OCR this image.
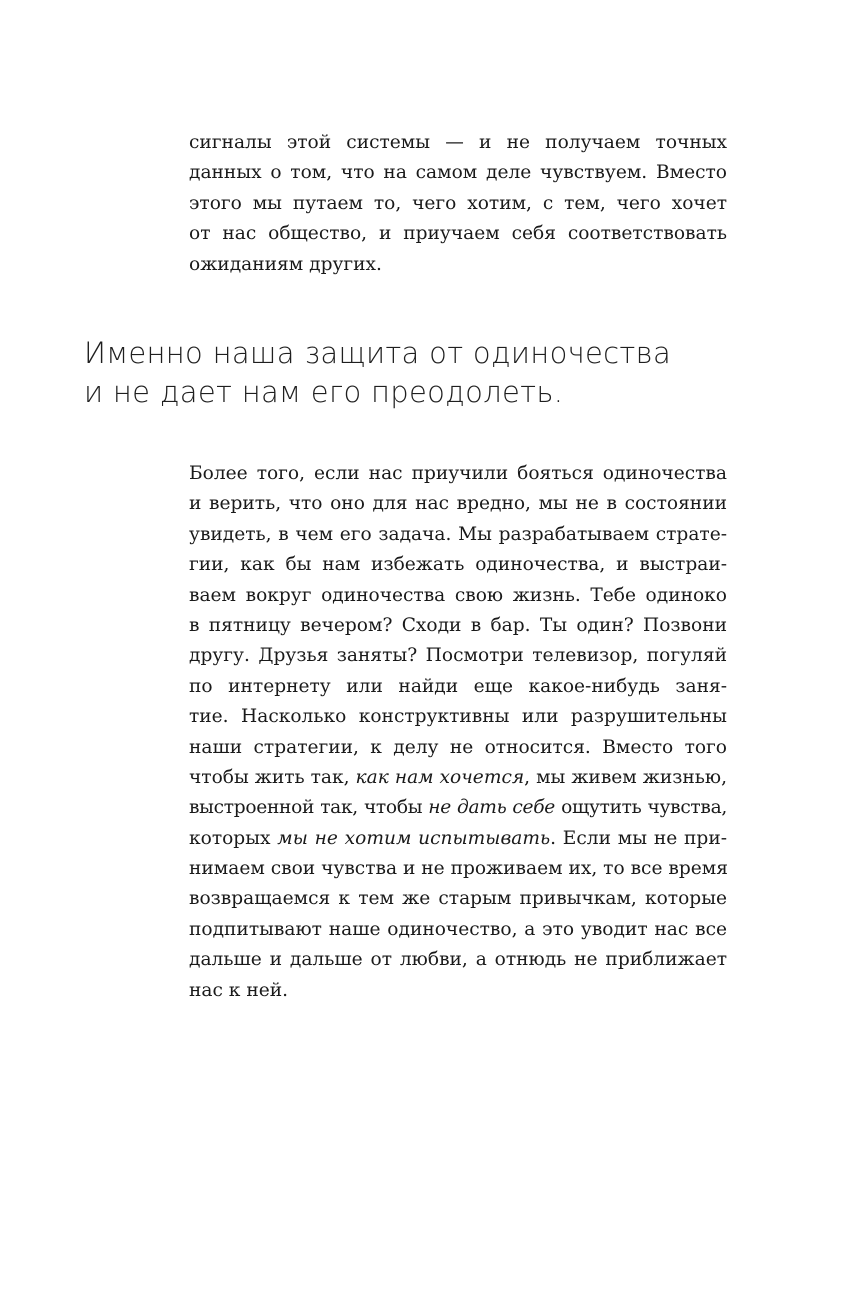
сигналы этой системы — и не получаем точных
данных о том, что на самом деле чувствуем. Вместо
этого мы путаем то, чего хотим, с тем, чего хочет
от нас общество, и приучаем себя соответствовать
ожиданиям других.
Именно наша защита от одиночества
и не дает нам его преодолеть.
Более того, если нас приучили бояться одиночества
и верить, что оно для нас вредно, мы не в состоянии
увидеть, в чем его задача. Мы разрабатываем страте-
гии, как бы нам избежать одиночества, и выстраи-
ваем вокруг одиночества свою жизнь. Тебе одиноко
в пятницу вечером? Сходи в бар. Ты один? Позвони
другу. Друзья заняты? Посмотри телевизор, погуляй
по интернету или найди еще какое-нибудь заня-
тие. Насколько конструктивны или разрушительны
наши стратегии, к делу не относится. Вместо того
чтобы жить так, как нам хочется, мы живем жизнью,
выстроенной так, чтобы не дать себе ощутить чувства,
которых мы не хотим испытывать. Если мы не при-
нимаем свои чувства и не проживаем их, то все время
возвращаемся к тем же старым привычкам, которые
подпитывают наше одиночество, а это уводит нас все
дальше и дальше от любви, а отнюдь не приближает
нас к ней.
